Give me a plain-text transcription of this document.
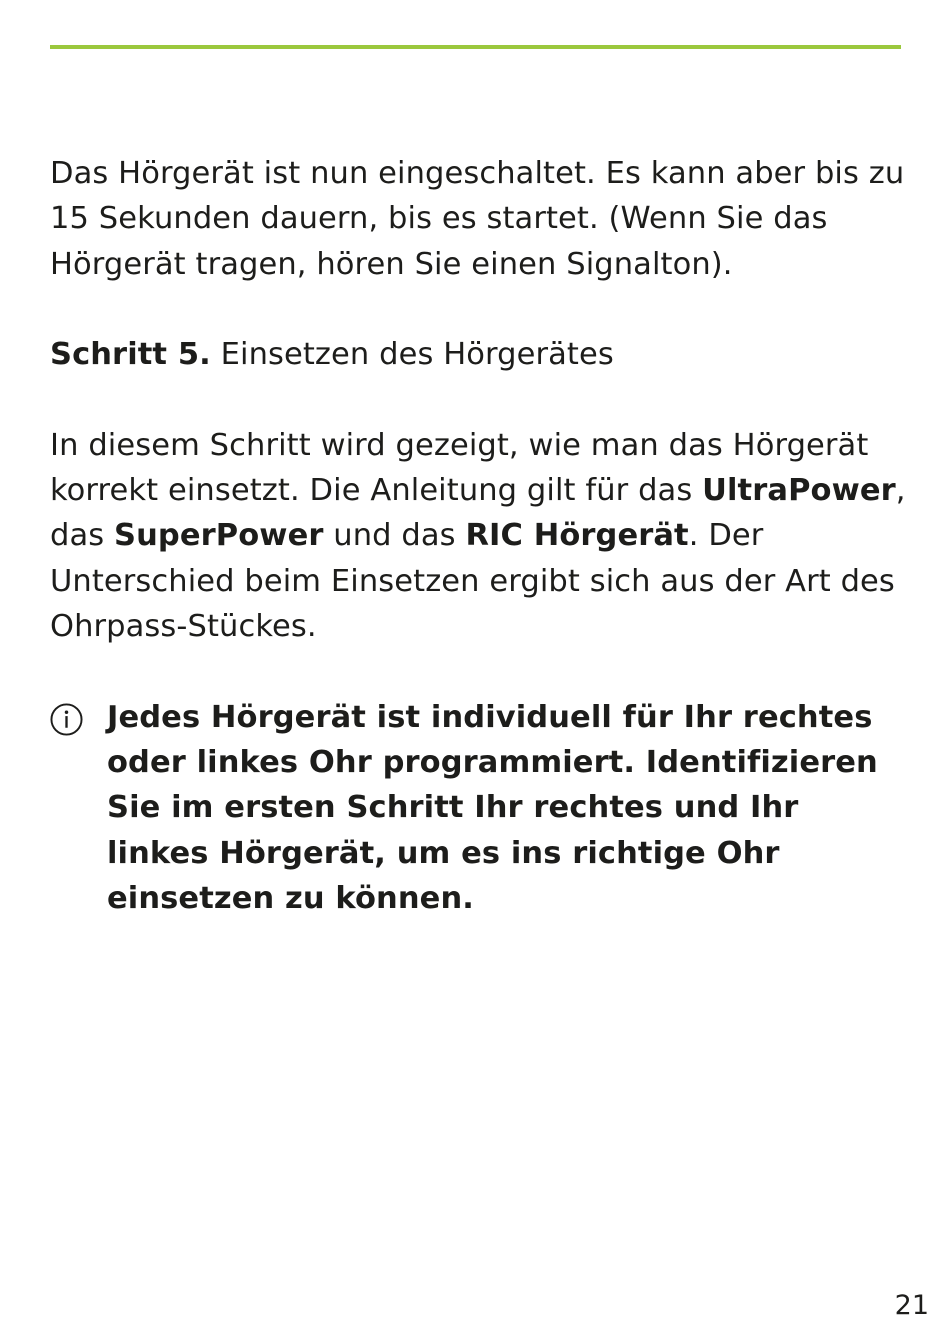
Das Hörgerät ist nun eingeschaltet. Es kann aber bis zu 15 Sekunden dauern, bis es startet. (Wenn Sie das Hörgerät tragen, hören Sie einen Signalton).

Schritt 5. Einsetzen des Hörgerätes

In diesem Schritt wird gezeigt, wie man das Hörgerät korrekt einsetzt. Die Anleitung gilt für das UltraPower, das SuperPower und das RIC Hörgerät. Der Unterschied beim Einsetzen ergibt sich aus der Art des Ohrpass-Stückes.

Jedes Hörgerät ist individuell für Ihr rechtes oder linkes Ohr programmiert. Identifizieren Sie im ersten Schritt Ihr rechtes und Ihr linkes Hörgerät, um es ins richtige Ohr einsetzen zu können.
21
